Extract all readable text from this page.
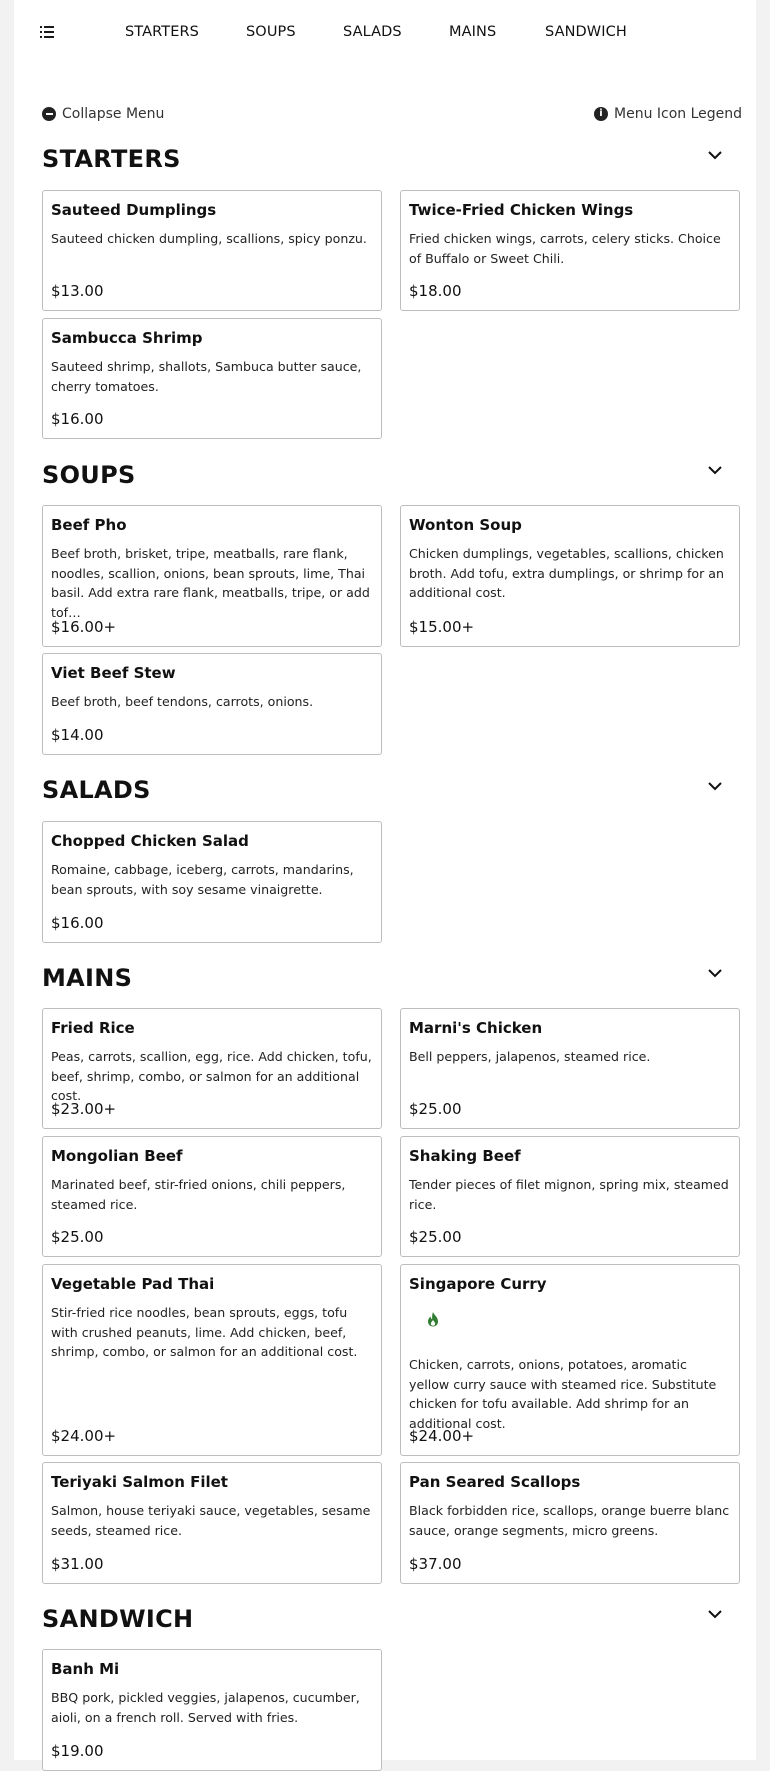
STARTERS	SOUPS	SALADS	MAINS	SANDWICH
Collapse Menu	i Menu Icon Legend
STARTERS
Sauteed Dumplings
Sauteed chicken dumpling, scallions, spicy ponzu.
$13.00
Twice-Fried Chicken Wings
Fried chicken wings, carrots, celery sticks. Choice of Buffalo or Sweet Chili.
$18.00
Sambucca Shrimp
Sauteed shrimp, shallots, Sambuca butter sauce, cherry tomatoes.
$16.00
SOUPS
Beef Pho
Beef broth, brisket, tripe, meatballs, rare flank, noodles, scallion, onions, bean sprouts, lime, Thai basil. Add extra rare flank, meatballs, tripe, or add tof…
$16.00+
Wonton Soup
Chicken dumplings, vegetables, scallions, chicken broth. Add tofu, extra dumplings, or shrimp for an additional cost.
$15.00+
Viet Beef Stew
Beef broth, beef tendons, carrots, onions.
$14.00
SALADS
Chopped Chicken Salad
Romaine, cabbage, iceberg, carrots, mandarins, bean sprouts, with soy sesame vinaigrette.
$16.00
MAINS
Fried Rice
Peas, carrots, scallion, egg, rice. Add chicken, tofu, beef, shrimp, combo, or salmon for an additional cost.
$23.00+
Marni's Chicken
Bell peppers, jalapenos, steamed rice.
$25.00
Mongolian Beef
Marinated beef, stir-fried onions, chili peppers, steamed rice.
$25.00
Shaking Beef
Tender pieces of filet mignon, spring mix, steamed rice.
$25.00
Vegetable Pad Thai
Stir-fried rice noodles, bean sprouts, eggs, tofu with crushed peanuts, lime. Add chicken, beef, shrimp, combo, or salmon for an additional cost.
$24.00+
Singapore Curry
Chicken, carrots, onions, potatoes, aromatic yellow curry sauce with steamed rice. Substitute chicken for tofu available. Add shrimp for an additional cost.
$24.00+
Teriyaki Salmon Filet
Salmon, house teriyaki sauce, vegetables, sesame seeds, steamed rice.
$31.00
Pan Seared Scallops
Black forbidden rice, scallops, orange buerre blanc sauce, orange segments, micro greens.
$37.00
SANDWICH
Banh Mi
BBQ pork, pickled veggies, jalapenos, cucumber, aioli, on a french roll. Served with fries.
$19.00
